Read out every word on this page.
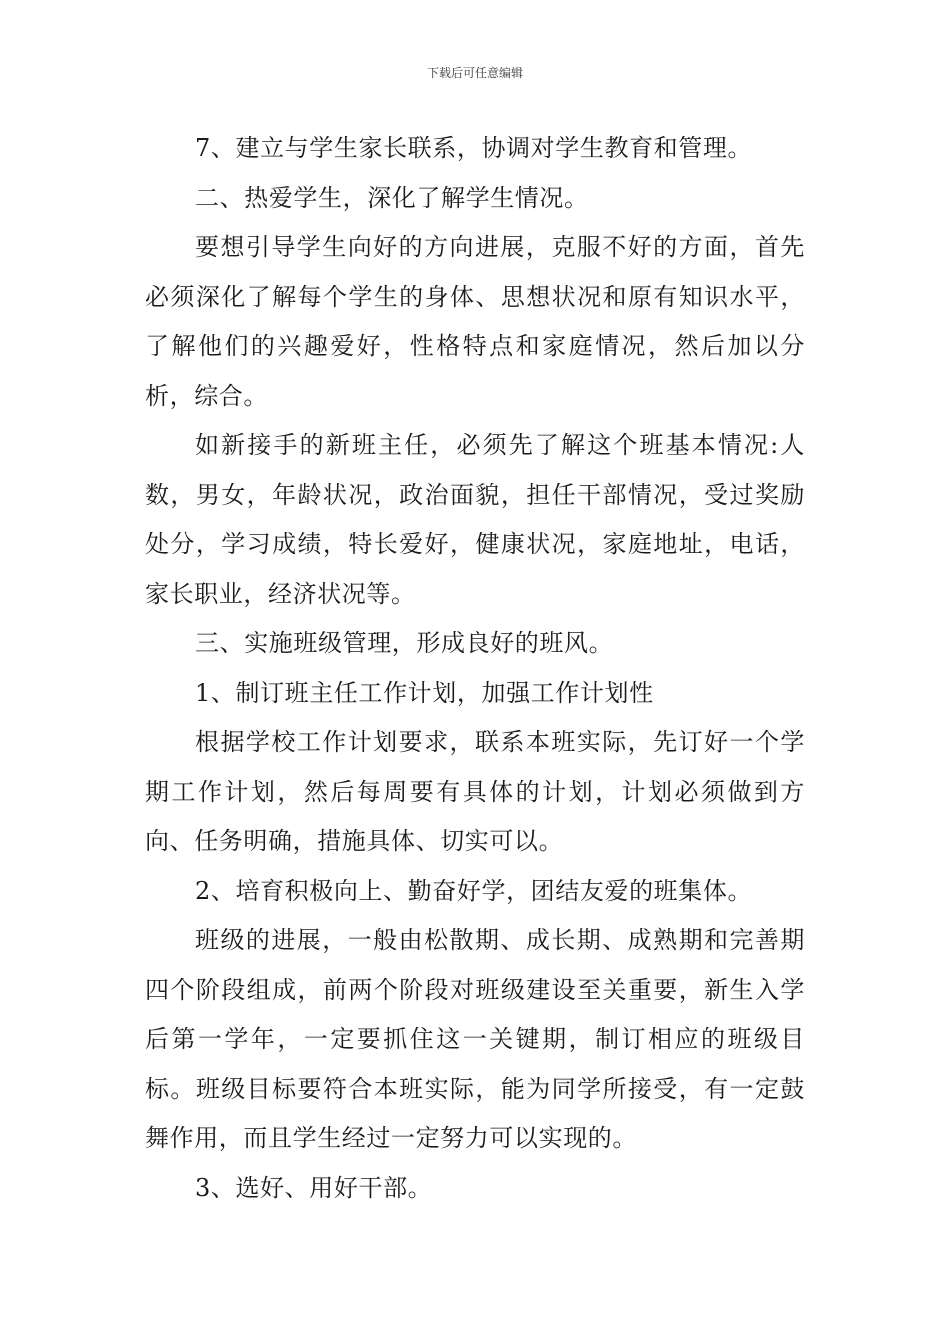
下载后可任意编辑

7、建立与学生家长联系，协调对学生教育和管理。

二、热爱学生，深化了解学生情况。

要想引导学生向好的方向进展，克服不好的方面，首先必须深化了解每个学生的身体、思想状况和原有知识水平，了解他们的兴趣爱好，性格特点和家庭情况，然后加以分析，综合。

如新接手的新班主任，必须先了解这个班基本情况:人数，男女，年龄状况，政治面貌，担任干部情况，受过奖励处分，学习成绩，特长爱好，健康状况，家庭地址，电话，家长职业，经济状况等。

三、实施班级管理，形成良好的班风。

1、制订班主任工作计划，加强工作计划性

根据学校工作计划要求，联系本班实际，先订好一个学期工作计划，然后每周要有具体的计划，计划必须做到方向、任务明确，措施具体、切实可以。

2、培育积极向上、勤奋好学，团结友爱的班集体。

班级的进展，一般由松散期、成长期、成熟期和完善期四个阶段组成，前两个阶段对班级建设至关重要，新生入学后第一学年，一定要抓住这一关键期，制订相应的班级目标。班级目标要符合本班实际，能为同学所接受，有一定鼓舞作用，而且学生经过一定努力可以实现的。

3、选好、用好干部。
